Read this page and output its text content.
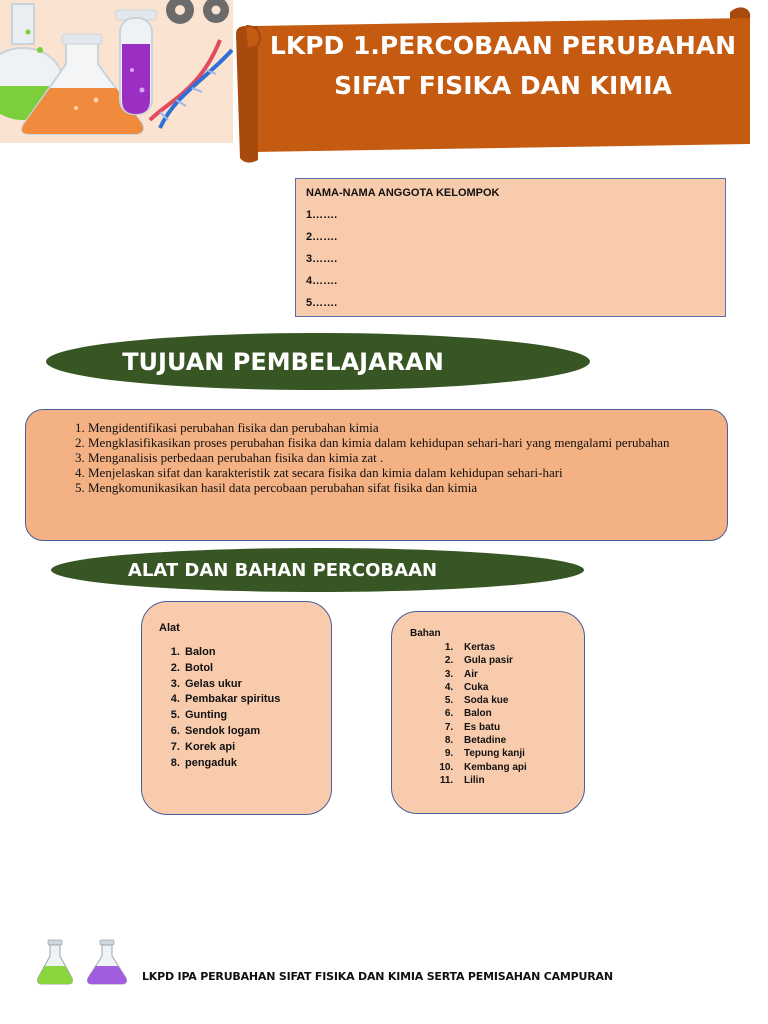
LKPD 1.PERCOBAAN PERUBAHAN SIFAT FISIKA DAN KIMIA

NAMA-NAMA ANGGOTA KELOMPOK

1…….
2…….
3…….
4…….
5…….
TUJUAN PEMBELAJARAN
1. Mengidentifikasi perubahan fisika dan perubahan kimia
2. Mengklasifikasikan proses perubahan fisika dan kimia dalam kehidupan sehari-hari yang mengalami perubahan
3. Menganalisis perbedaan perubahan fisika dan kimia zat .
4. Menjelaskan sifat dan karakteristik zat secara fisika dan kimia dalam kehidupan sehari-hari
5. Mengkomunikasikan hasil data percobaan perubahan sifat fisika dan kimia
ALAT DAN BAHAN PERCOBAAN

Alat

1. Balon
2. Botol
3. Gelas ukur
4. Pembakar spiritus
5. Gunting
6. Sendok logam
7. Korek api
8. pengaduk

Bahan

1. Kertas
2. Gula pasir
3. Air
4. Cuka
5. Soda kue
6. Balon
7. Es batu
8. Betadine
9. Tepung kanji
10. Kembang api
11. Lilin
LKPD IPA PERUBAHAN SIFAT FISIKA DAN KIMIA SERTA PEMISAHAN CAMPURAN
